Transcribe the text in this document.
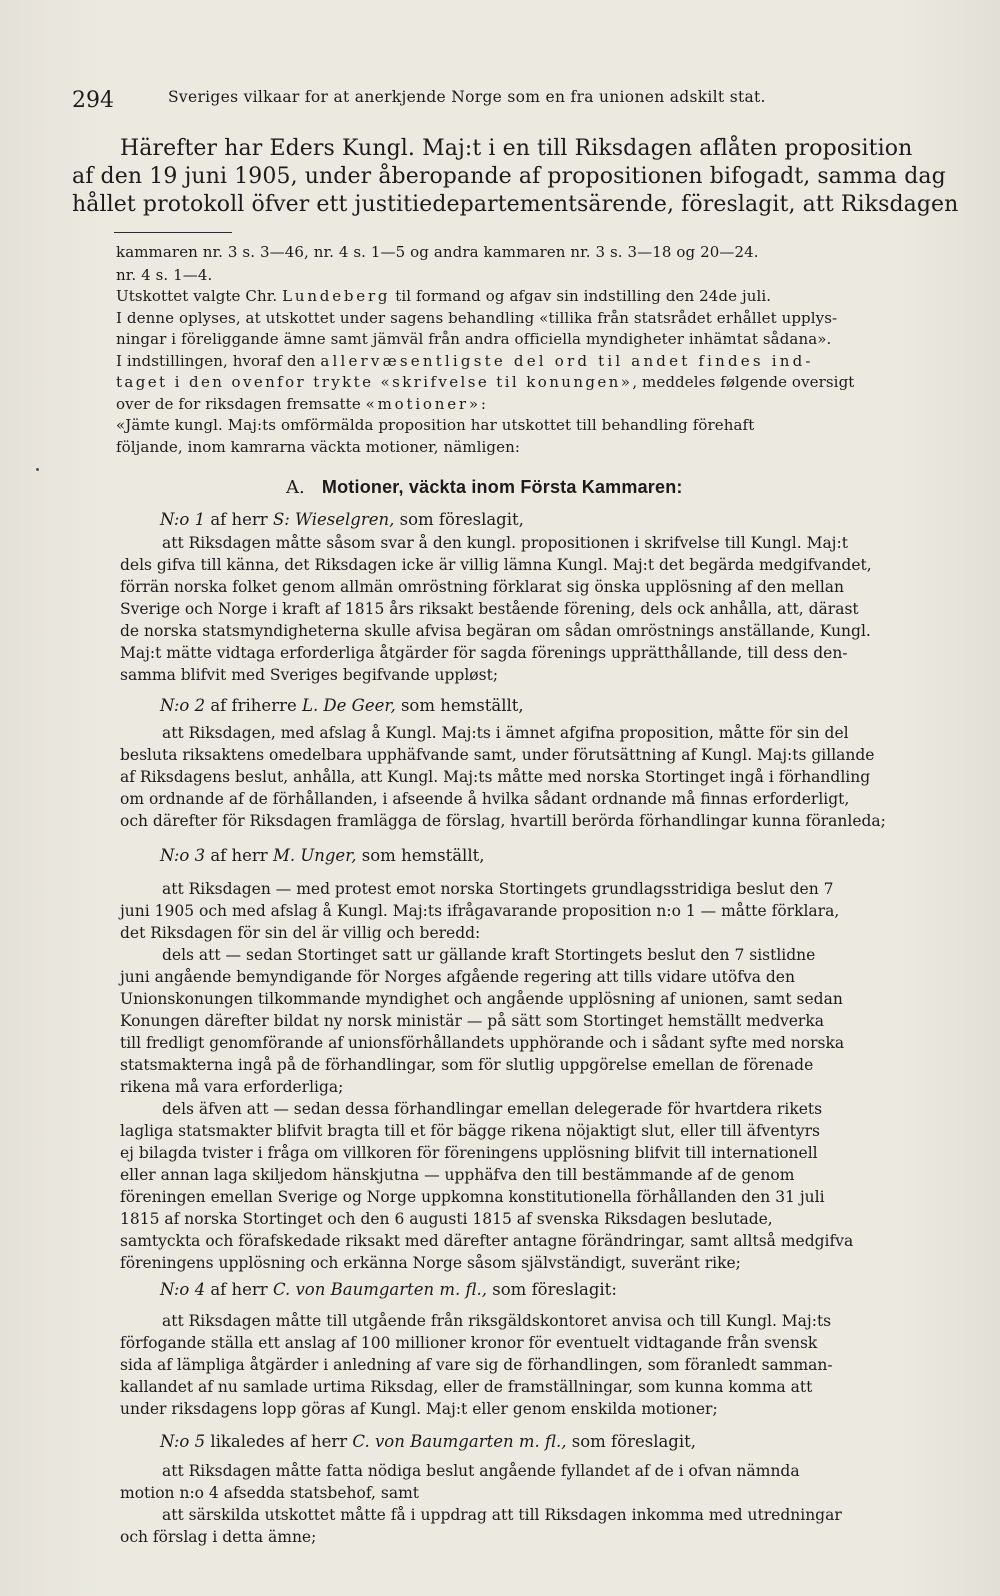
294	Sveriges vilkaar for at anerkjende Norge som en fra unionen adskilt stat.
Härefter har Eders Kungl. Maj:t i en till Riksdagen aflåten proposition
af den 19 juni 1905, under åberopande af propositionen bifogadt, samma dag
hållet protokoll öfver ett justitiedepartementsärende, föreslagit, att Riksdagen
kammaren nr. 3 s. 3—46, nr. 4 s. 1—5 og andra kammaren nr. 3 s. 3—18 og 20—24.
nr. 4 s. 1—4.
Utskottet valgte Chr. Lundeberg til formand og afgav sin indstilling den 24de juli.
I denne oplyses, at utskottet under sagens behandling «tillika från statsrådet erhållet upplys-
ningar i föreliggande ämne samt jämväl från andra officiella myndigheter inhämtat sådana».
I indstillingen, hvoraf den allervæsentligste del ord til andet findes ind-
taget i den ovenfor trykte «skrifvelse til konungen», meddeles følgende oversigt
over de for riksdagen fremsatte «motioner»:
«Jämte kungl. Maj:ts omförmälda proposition har utskottet till behandling förehaft
följande, inom kamrarna väckta motioner, nämligen:
A. Motioner, väckta inom Första Kammaren:
N:o 1 af herr S: Wieselgren, som föreslagit,
att Riksdagen måtte såsom svar å den kungl. propositionen i skrifvelse till Kungl. Maj:t
dels gifva till känna, det Riksdagen icke är villig lämna Kungl. Maj:t det begärda medgifvandet,
förrän norska folket genom allmän omröstning förklarat sig önska upplösning af den mellan
Sverige och Norge i kraft af 1815 års riksakt bestående förening, dels ock anhålla, att, därast
de norska statsmyndigheterna skulle afvisa begäran om sådan omröstnings anställande, Kungl.
Maj:t mätte vidtaga erforderliga åtgärder för sagda förenings upprätthållande, till dess den-
samma blifvit med Sveriges begifvande uppløst;
N:o 2 af friherre L. De Geer, som hemställt,
att Riksdagen, med afslag å Kungl. Maj:ts i ämnet afgifna proposition, måtte för sin del
besluta riksaktens omedelbara upphäfvande samt, under förutsättning af Kungl. Maj:ts gillande
af Riksdagens beslut, anhålla, att Kungl. Maj:ts måtte med norska Stortinget ingå i förhandling
om ordnande af de förhållanden, i afseende å hvilka sådant ordnande må finnas erforderligt,
och därefter för Riksdagen framlägga de förslag, hvartill berörda förhandlingar kunna föranleda;
N:o 3 af herr M. Unger, som hemställt,
att Riksdagen — med protest emot norska Stortingets grundlagsstridiga beslut den 7
juni 1905 och med afslag å Kungl. Maj:ts ifrågavarande proposition n:o 1 — måtte förklara,
det Riksdagen för sin del är villig och beredd:
dels att — sedan Stortinget satt ur gällande kraft Stortingets beslut den 7 sistlidne
juni angående bemyndigande för Norges afgående regering att tills vidare utöfva den
Unionskonungen tilkommande myndighet och angående upplösning af unionen, samt sedan
Konungen därefter bildat ny norsk ministär — på sätt som Stortinget hemställt medverka
till fredligt genomförande af unionsförhållandets upphörande och i sådant syfte med norska
statsmakterna ingå på de förhandlingar, som för slutlig uppgörelse emellan de förenade
rikena må vara erforderliga;
dels äfven att — sedan dessa förhandlingar emellan delegerade för hvartdera rikets
lagliga statsmakter blifvit bragta till et för bägge rikena nöjaktigt slut, eller till äfventyrs
ej bilagda tvister i fråga om villkoren för föreningens upplösning blifvit till internationell
eller annan laga skiljedom hänskjutna — upphäfva den till bestämmande af de genom
föreningen emellan Sverige og Norge uppkomna konstitutionella förhållanden den 31 juli
1815 af norska Stortinget och den 6 augusti 1815 af svenska Riksdagen beslutade,
samtyckta och förafskedade riksakt med därefter antagne förändringar, samt alltså medgifva
föreningens upplösning och erkänna Norge såsom självständigt, suveränt rike;
N:o 4 af herr C. von Baumgarten m. fl., som föreslagit:
att Riksdagen måtte till utgående från riksgäldskontoret anvisa och till Kungl. Maj:ts
förfogande ställa ett anslag af 100 millioner kronor för eventuelt vidtagande från svensk
sida af lämpliga åtgärder i anledning af vare sig de förhandlingen, som föranledt samman-
kallandet af nu samlade urtima Riksdag, eller de framställningar, som kunna komma att
under riksdagens lopp göras af Kungl. Maj:t eller genom enskilda motioner;
N:o 5 likaledes af herr C. von Baumgarten m. fl., som föreslagit,
att Riksdagen måtte fatta nödiga beslut angående fyllandet af de i ofvan nämnda
motion n:o 4 afsedda statsbehof, samt
att särskilda utskottet måtte få i uppdrag att till Riksdagen inkomma med utredningar
och förslag i detta ämne;
